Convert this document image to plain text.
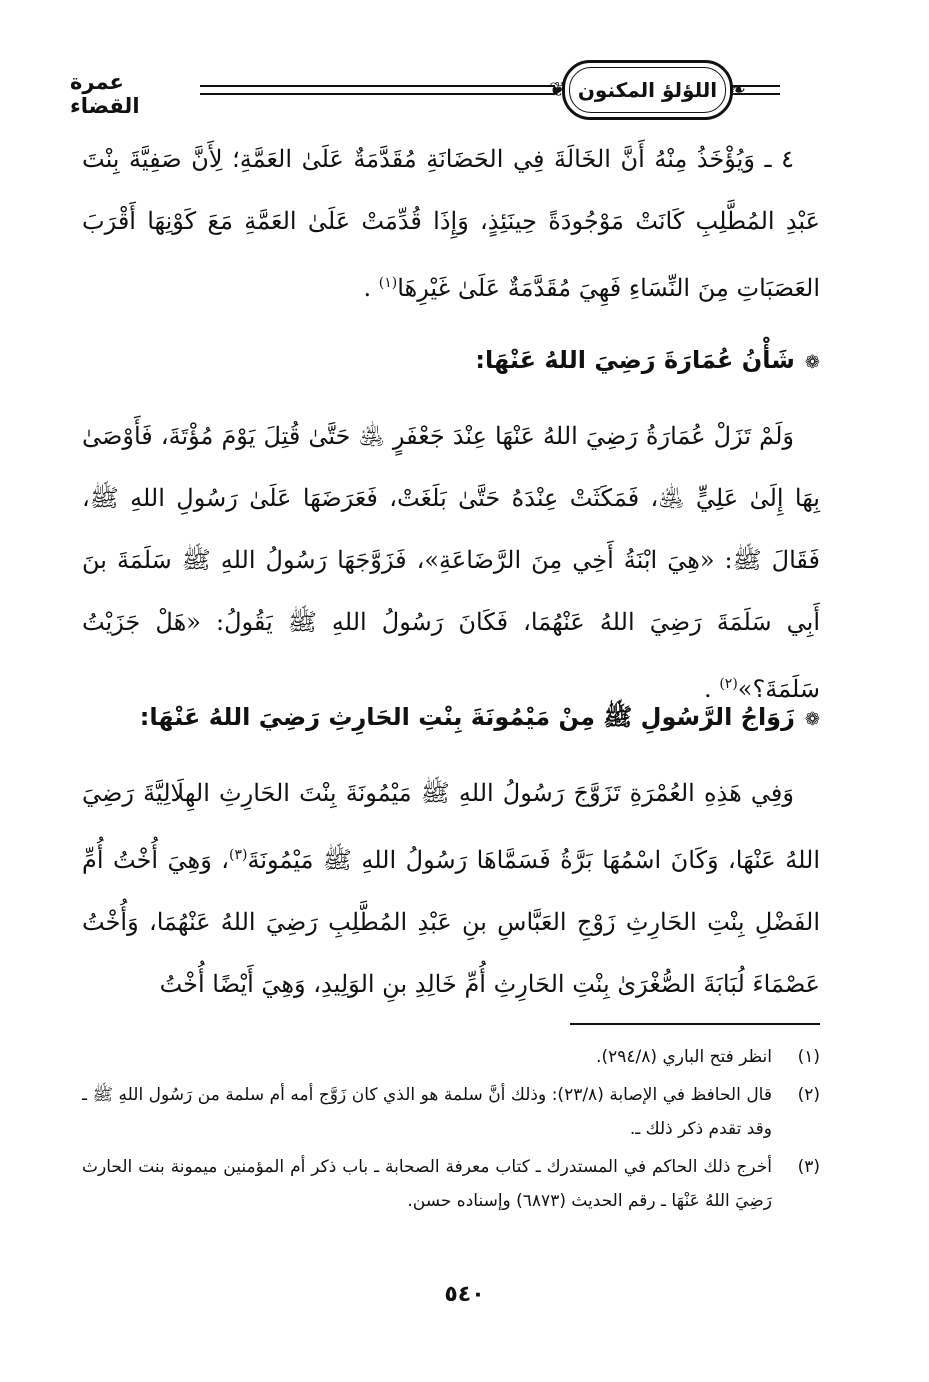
عمرة القضاء
❦ اللؤلؤ المكنون ❧

٤ ـ وَيُؤْخَذُ مِنْهُ أَنَّ الخَالَةَ فِي الحَضَانَةِ مُقَدَّمَةٌ عَلَىٰ العَمَّةِ؛ لِأَنَّ صَفِيَّةَ بِنْتَ عَبْدِ المُطَّلِبِ كَانَتْ مَوْجُودَةً حِينَئِذٍ، وَإِذَا قُدِّمَتْ عَلَىٰ العَمَّةِ مَعَ كَوْنِهَا أَقْرَبَ العَصَبَاتِ مِنَ النِّسَاءِ فَهِيَ مُقَدَّمَةٌ عَلَىٰ غَيْرِهَا$^{(١)}$ .

❁شَأْنُ عُمَارَةَ رَضِيَ اللهُ عَنْهَا:

وَلَمْ تَزَلْ عُمَارَةُ رَضِيَ اللهُ عَنْهَا عِنْدَ جَعْفَرٍ ﵁ حَتَّىٰ قُتِلَ يَوْمَ مُؤْتَةَ، فَأَوْصَىٰ بِهَا إِلَىٰ عَلِيٍّ ﵁، فَمَكَثَتْ عِنْدَهُ حَتَّىٰ بَلَغَتْ، فَعَرَضَهَا عَلَىٰ رَسُولِ اللهِ ﷺ، فَقَالَ ﷺ: «هِيَ ابْنَةُ أَخِي مِنَ الرَّضَاعَةِ»، فَزَوَّجَهَا رَسُولُ اللهِ ﷺ سَلَمَةَ بنَ أَبِي سَلَمَةَ رَضِيَ اللهُ عَنْهُمَا، فَكَانَ رَسُولُ اللهِ ﷺ يَقُولُ: «هَلْ جَزَيْتُ سَلَمَةَ؟»$^{(٢)}$ .

❁زَوَاجُ الرَّسُولِ ﷺ مِنْ مَيْمُونَةَ بِنْتِ الحَارِثِ رَضِيَ اللهُ عَنْهَا:

وَفِي هَذِهِ العُمْرَةِ تَزَوَّجَ رَسُولُ اللهِ ﷺ مَيْمُونَةَ بِنْتَ الحَارِثِ الهِلَالِيَّةَ رَضِيَ اللهُ عَنْهَا، وَكَانَ اسْمُهَا بَرَّةُ فَسَمَّاهَا رَسُولُ اللهِ ﷺ مَيْمُونَةَ$^{(٣)}$، وَهِيَ أُخْتُ أُمِّ الفَضْلِ بِنْتِ الحَارِثِ زَوْجِ العَبَّاسِ بنِ عَبْدِ المُطَّلِبِ رَضِيَ اللهُ عَنْهُمَا، وَأُخْتُ عَصْمَاءَ لُبَابَةَ الصُّغْرَىٰ بِنْتِ الحَارِثِ أُمِّ خَالِدِ بنِ الوَلِيدِ، وَهِيَ أَيْضًا أُخْتُ

(١)
انظر فتح الباري (٢٩٤/٨).
(٢)
قال الحافظ في الإصابة (٢٣/٨): وذلك أنَّ سلمة هو الذي كان زَوَّج أمه أم سلمة من رَسُول اللهِ ﷺ ـ وقد تقدم ذكر ذلك ـ.
(٣)
أخرج ذلك الحاكم في المستدرك ـ كتاب معرفة الصحابة ـ باب ذكر أم المؤمنين ميمونة بنت الحارث رَضِيَ اللهُ عَنْهَا ـ رقم الحديث (٦٨٧٣) وإسناده حسن.
٥٤٠
